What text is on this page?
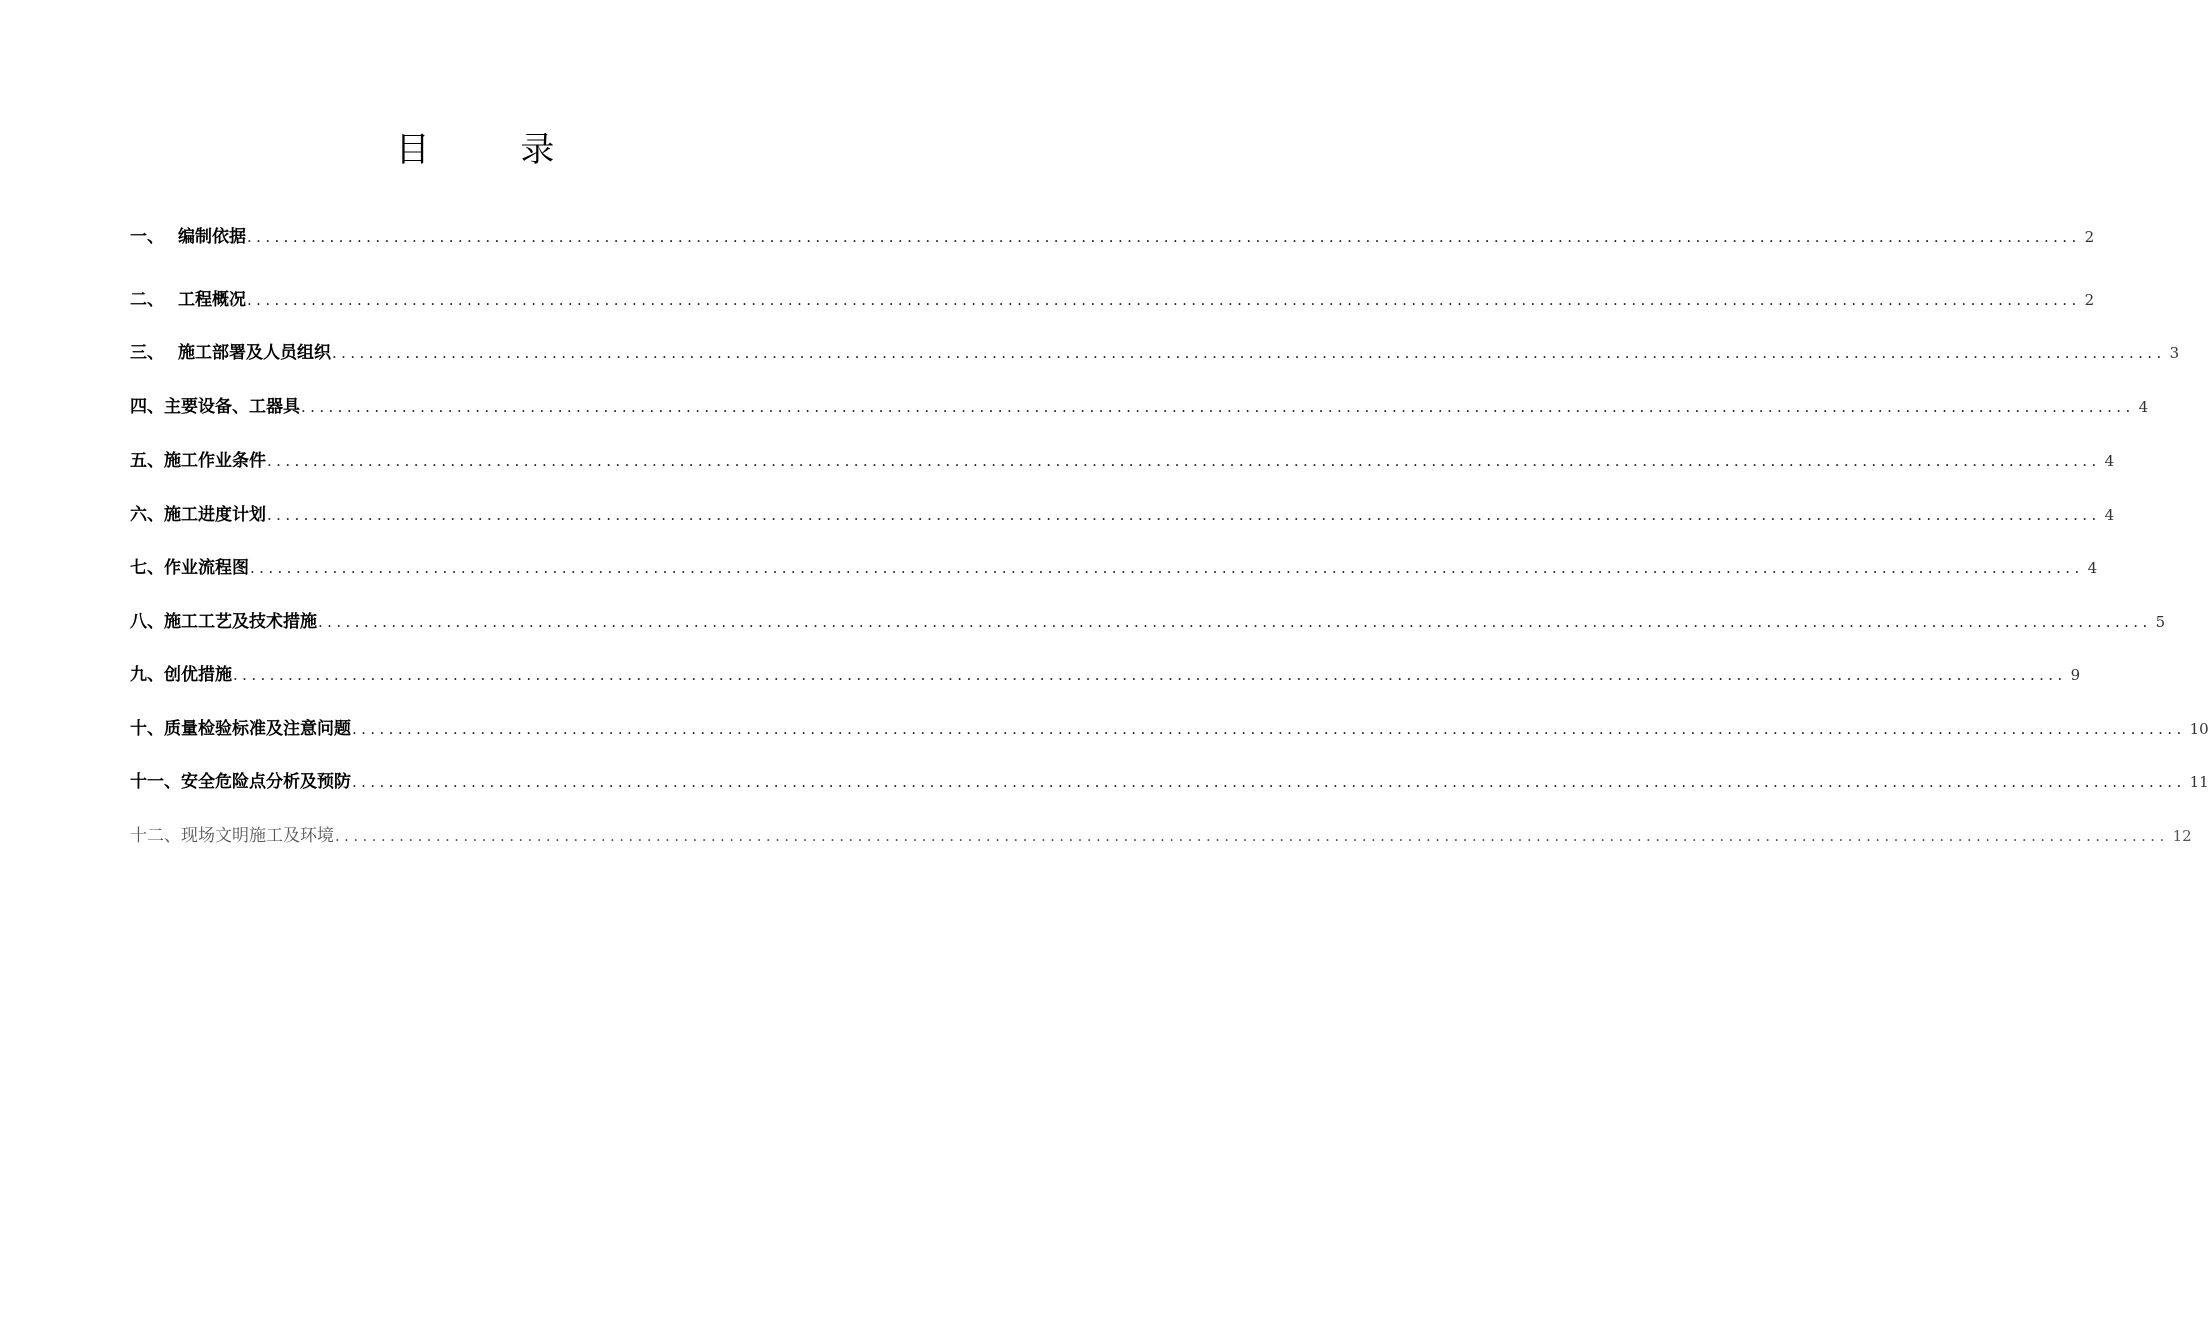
目 录
一、 编制依据 ........................................................................................................................................................................................................ 2
二、 工程概况 ........................................................................................................................................................................................................ 2
三、 施工部署及人员组织 ........................................................................................................................................................................................................ 3
四、主要设备、工器具 ........................................................................................................................................................................................................ 4
五、施工作业条件 ........................................................................................................................................................................................................ 4
六、施工进度计划 ........................................................................................................................................................................................................ 4
七、作业流程图 ........................................................................................................................................................................................................ 4
八、施工工艺及技术措施 ........................................................................................................................................................................................................ 5
九、创优措施 ........................................................................................................................................................................................................ 9
十、质量检验标准及注意问题 ........................................................................................................................................................................................................ 10
十一、安全危险点分析及预防 ........................................................................................................................................................................................................ 11
十二、现场文明施工及环境 ........................................................................................................................................................................................................ 12
